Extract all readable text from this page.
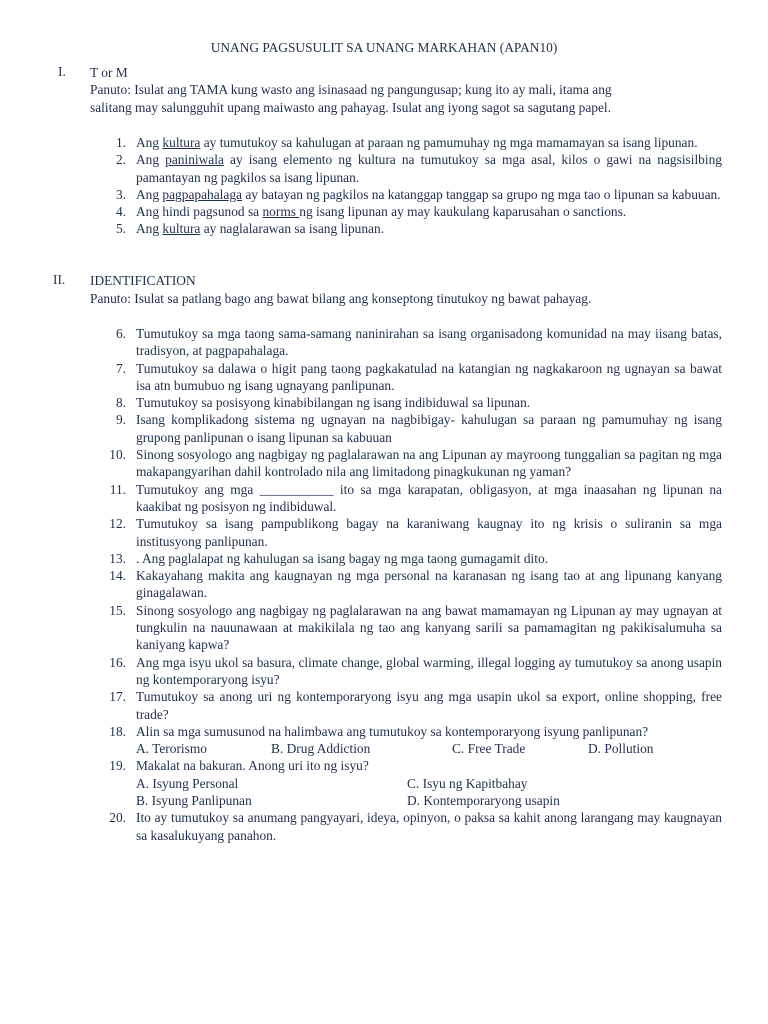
UNANG PAGSUSULIT SA UNANG MARKAHAN (APAN10)
I.	T or M
Panuto: Isulat ang TAMA kung wasto ang isinasaad ng pangungusap; kung ito ay mali, itama ang
salitang may salungguhit upang maiwasto ang pahayag. Isulat ang iyong sagot sa sagutang papel.
1. Ang kultura ay tumutukoy sa kahulugan at paraan ng pamumuhay ng mga mamamayan sa isang lipunan.
2. Ang paniniwala ay isang elemento ng kultura na tumutukoy sa mga asal, kilos o gawi na nagsisilbing pamantayan ng pagkilos sa isang lipunan.
3. Ang pagpapahalaga ay batayan ng pagkilos na katanggap tanggap sa grupo ng mga tao o lipunan sa kabuuan.
4. Ang hindi pagsunod sa norms ng isang lipunan ay may kaukulang kaparusahan o sanctions.
5. Ang kultura ay naglalarawan sa isang lipunan.
II.	IDENTIFICATION
Panuto: Isulat sa patlang bago ang bawat bilang ang konseptong tinutukoy ng bawat pahayag.
6. Tumutukoy sa mga taong sama-samang naninirahan sa isang organisadong komunidad na may iisang batas, tradisyon, at pagpapahalaga.
7. Tumutukoy sa dalawa o higit pang taong pagkakatulad na katangian ng nagkakaroon ng ugnayan sa bawat isa atn bumubuo ng isang ugnayang panlipunan.
8. Tumutukoy sa posisyong kinabibilangan ng isang indibiduwal sa lipunan.
9. Isang komplikadong sistema ng ugnayan na nagbibigay- kahulugan sa paraan ng pamumuhay ng isang grupong panlipunan o isang lipunan sa kabuuan
10. Sinong sosyologo ang nagbigay ng paglalarawan na ang Lipunan ay mayroong tunggalian sa pagitan ng mga makapangyarihan dahil kontrolado nila ang limitadong pinagkukunan ng yaman?
11. Tumutukoy ang mga ___________ ito sa mga karapatan, obligasyon, at mga inaasahan ng lipunan na kaakibat ng posisyon ng indibiduwal.
12. Tumutukoy sa isang pampublikong bagay na karaniwang kaugnay ito ng krisis o suliranin sa mga institusyong panlipunan.
13. . Ang paglalapat ng kahulugan sa isang bagay ng mga taong gumagamit dito.
14. Kakayahang makita ang kaugnayan ng mga personal na karanasan ng isang tao at ang lipunang kanyang ginagalawan.
15. Sinong sosyologo ang nagbigay ng paglalarawan na ang bawat mamamayan ng Lipunan ay may ugnayan at tungkulin na nauunawaan at makikilala ng tao ang kanyang sarili sa pamamagitan ng pakikisalumuha sa kaniyang kapwa?
16. Ang mga isyu ukol sa basura, climate change, global warming, illegal logging ay tumutukoy sa anong usapin ng kontemporaryong isyu?
17. Tumutukoy sa anong uri ng kontemporaryong isyu ang mga usapin ukol sa export, online shopping, free trade?
18. Alin sa mga sumusunod na halimbawa ang tumutukoy sa kontemporaryong isyung panlipunan?
A. Terorismo	B. Drug Addiction	C. Free Trade	D. Pollution
19. Makalat na bakuran. Anong uri ito ng isyu?
A. Isyung Personal	C. Isyu ng Kapitbahay
B. Isyung Panlipunan	D. Kontemporaryong usapin
20. Ito ay tumutukoy sa anumang pangyayari, ideya, opinyon, o paksa sa kahit anong larangang may kaugnayan sa kasalukuyang panahon.
